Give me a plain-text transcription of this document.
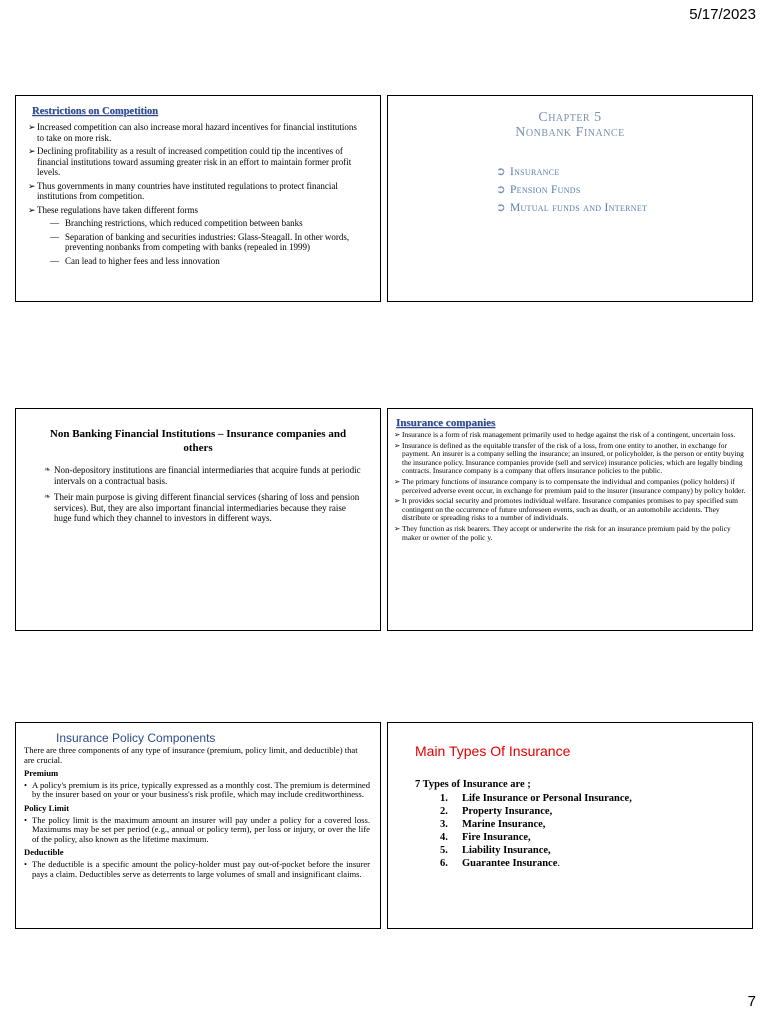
5/17/2023
Restrictions on Competition
➢ Increased competition can also increase moral hazard incentives for financial institutions to take on more risk.
➢ Declining profitability as a result of increased competition could tip the incentives of financial institutions toward assuming greater risk in an effort to maintain former profit levels.
➢ Thus governments in many countries have instituted regulations to protect financial institutions from competition.
➢ These regulations have taken different forms
— Branching restrictions, which reduced competition between banks
— Separation of banking and securities industries: Glass-Steagall. In other words, preventing nonbanks from competing with banks (repealed in 1999)
— Can lead to higher fees and less innovation
Chapter 5
Nonbank Finance
➲ Insurance
➲ Pension Funds
➲ Mutual funds and Internet
Non Banking Financial Institutions – Insurance companies and others
❧ Non-depository institutions are financial intermediaries that acquire funds at periodic intervals on a contractual basis.
❧ Their main purpose is giving different financial services (sharing of loss and pension services). But, they are also important financial intermediaries because they raise huge fund which they channel to investors in different ways.
Insurance companies
➢ Insurance is a form of risk management primarily used to hedge against the risk of a contingent, uncertain loss.
➢ Insurance is defined as the equitable transfer of the risk of a loss, from one entity to another, in exchange for payment. An insurer is a company selling the insurance; an insured, or policyholder, is the person or entity buying the insurance policy. Insurance companies provide (sell and service) insurance policies, which are legally binding contracts. Insurance company is a company that offers insurance policies to the public.
➢ The primary functions of insurance company is to compensate the individual and companies (policy holders) if perceived adverse event occur, in exchange for premium paid to the insurer (insurance company) by policy holder.
➢ It provides social security and promotes individual welfare. Insurance companies promises to pay specified sum contingent on the occurrence of future unforeseen events, such as death, or an automobile accidents. They distribute or spreading risks to a number of individuals.
➢ They function as risk bearers. They accept or underwrite the risk for an insurance premium paid by the policy maker or owner of the polic y.
Insurance Policy Components
There are three components of any type of insurance (premium, policy limit, and deductible) that are crucial.
Premium
• A policy's premium is its price, typically expressed as a monthly cost. The premium is determined by the insurer based on your or your business's risk profile, which may include creditworthiness.
Policy Limit
• The policy limit is the maximum amount an insurer will pay under a policy for a covered loss. Maximums may be set per period (e.g., annual or policy term), per loss or injury, or over the life of the policy, also known as the lifetime maximum.
Deductible
• The deductible is a specific amount the policy-holder must pay out-of-pocket before the insurer pays a claim. Deductibles serve as deterrents to large volumes of small and insignificant claims.
Main Types Of Insurance
7 Types of Insurance are ;
1. Life Insurance or Personal Insurance,
2. Property Insurance,
3. Marine Insurance,
4. Fire Insurance,
5. Liability Insurance,
6. Guarantee Insurance.
7
